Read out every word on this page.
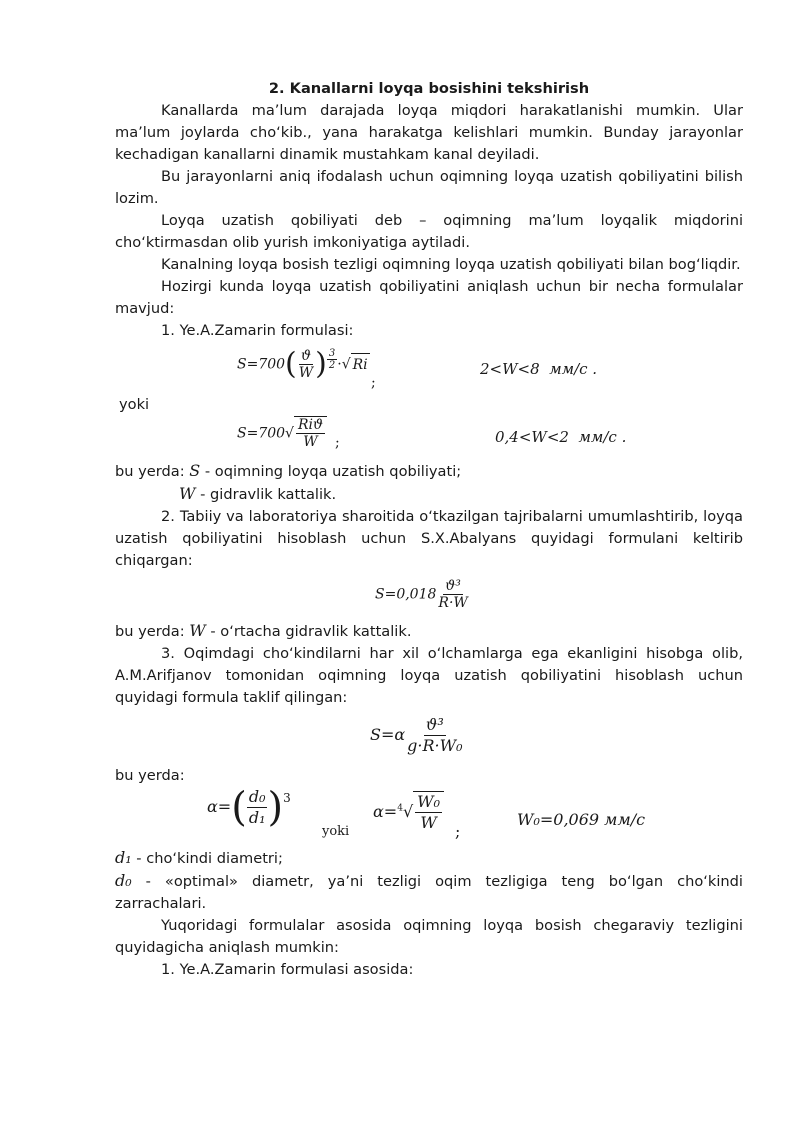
2. Kanallarni loyqa bosishini tekshirish
Kanallarda ma’lum darajada loyqa miqdori harakatlanishi mumkin. Ular ma’lum joylarda cho‘kib., yana harakatga kelishlari mumkin. Bunday jarayonlar kechadigan kanallarni dinamik mustahkam kanal deyiladi.
Bu jarayonlarni aniq ifodalash uchun oqimning loyqa uzatish qobiliyatini bilish lozim.
Loyqa uzatish qobiliyati deb – oqimning ma’lum loyqalik miqdorini cho‘ktirmasdan olib yurish imkoniyatiga aytiladi.
Kanalning loyqa bosish tezligi oqimning loyqa uzatish qobiliyati bilan bog‘liqdir.
Hozirgi kunda loyqa uzatish qobiliyatini aniqlash uchun bir necha formulalar mavjud:
1. Ye.A.Zamarin formulasi:
$S=700( \frac{ϑ}{W}$ ) $\frac{3}{2}$ ·√ Ri
;
2<W<8 мм/с .
yoki
$S=700√ \frac{\text{Riϑ}}{W}$ ;	0,4<W<2 мм/с .
bu yerda: S - oqimning loyqa uzatish qobiliyati;
W - gidravlik kattalik.
2. Tabiiy va laboratoriya sharoitida o‘tkazilgan tajribalarni umumlashtirib, loyqa uzatish qobiliyatini hisoblash uchun S.X.Abalyans quyidagi formulani keltirib chiqargan:
$S=0,018 \frac{\text{ϑ³}}{R\cdot W}$
bu yerda: W - o‘rtacha gidravlik kattalik.
3. Oqimdagi cho‘kindilarni har xil o‘lchamlarga ega ekanligini hisobga olib, A.M.Arifjanov tomonidan oqimning loyqa uzatish qobiliyatini hisoblash uchun quyidagi formula taklif qilingan:
$S=\alpha \frac{\text{ϑ³}}{\text{g·R·W₀}}$
bu yerda:
$\alpha=( \frac{\text{d₀}}{\text{d₁}} )^3$
yoki
$\alpha=^4√ \frac{\text{W₀}}{W}$ ;
W₀=0,069 мм/с
d₁ - cho‘kindi diametri;
d₀ - «optimal» diametr, ya’ni tezligi oqim tezligiga teng bo‘lgan cho‘kindi zarrachalari.
Yuqoridagi formulalar asosida oqimning loyqa bosish chegaraviy tezligini quyidagicha aniqlash mumkin:
1. Ye.A.Zamarin formulasi asosida:
